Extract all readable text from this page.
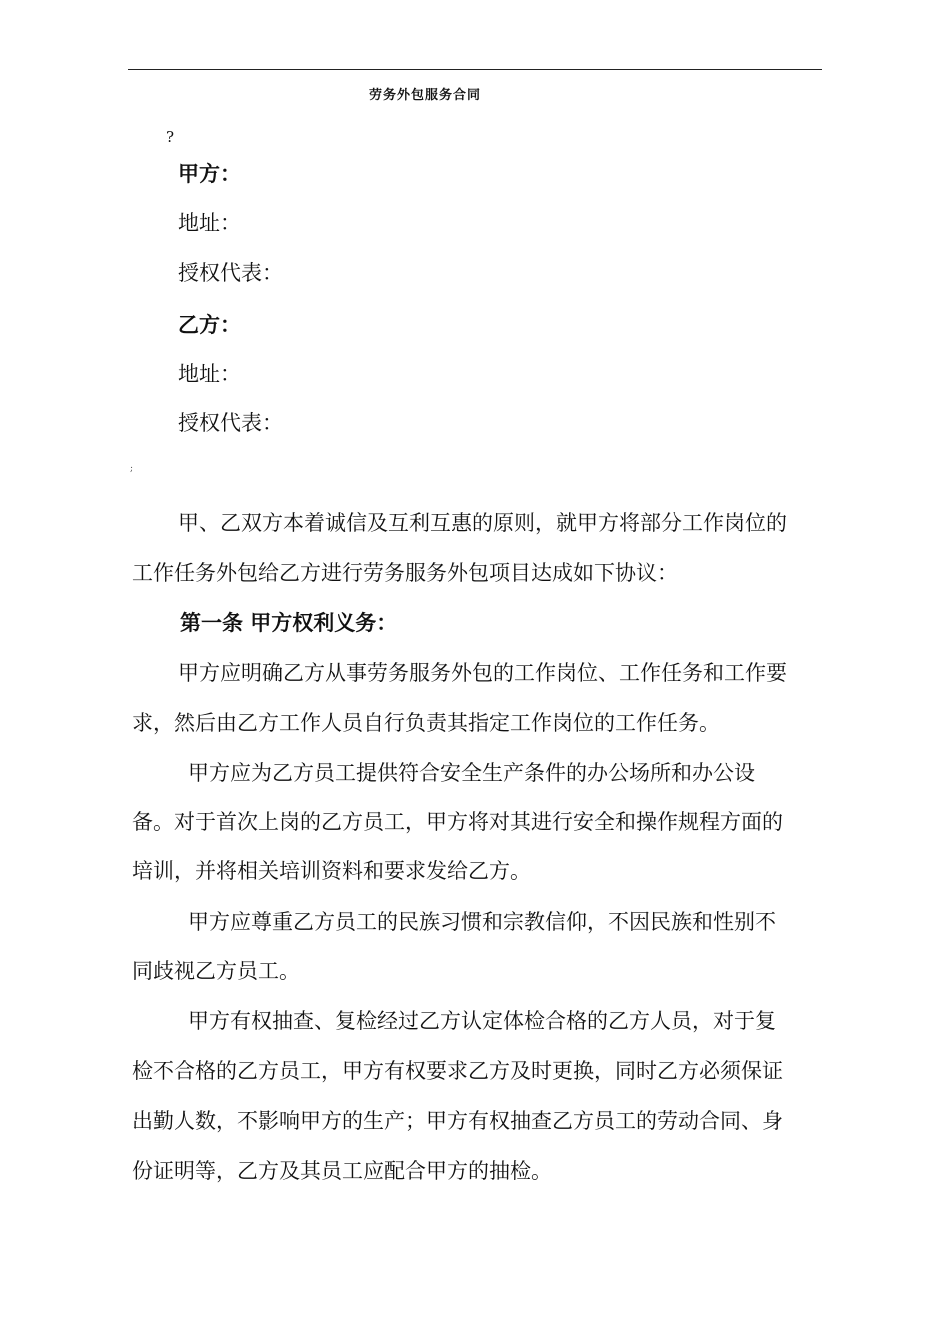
劳务外包服务合同
?
甲方：
地址：
授权代表：
乙方：
地址：
授权代表：
;
甲、乙双方本着诚信及互利互惠的原则，就甲方将部分工作岗位的
工作任务外包给乙方进行劳务服务外包项目达成如下协议：
第一条 甲方权利义务：
甲方应明确乙方从事劳务服务外包的工作岗位、工作任务和工作要
求，然后由乙方工作人员自行负责其指定工作岗位的工作任务。
甲方应为乙方员工提供符合安全生产条件的办公场所和办公设
备。对于首次上岗的乙方员工，甲方将对其进行安全和操作规程方面的
培训，并将相关培训资料和要求发给乙方。
甲方应尊重乙方员工的民族习惯和宗教信仰，不因民族和性别不
同歧视乙方员工。
甲方有权抽查、复检经过乙方认定体检合格的乙方人员，对于复
检不合格的乙方员工，甲方有权要求乙方及时更换，同时乙方必须保证
出勤人数，不影响甲方的生产；甲方有权抽查乙方员工的劳动合同、身
份证明等，乙方及其员工应配合甲方的抽检。
